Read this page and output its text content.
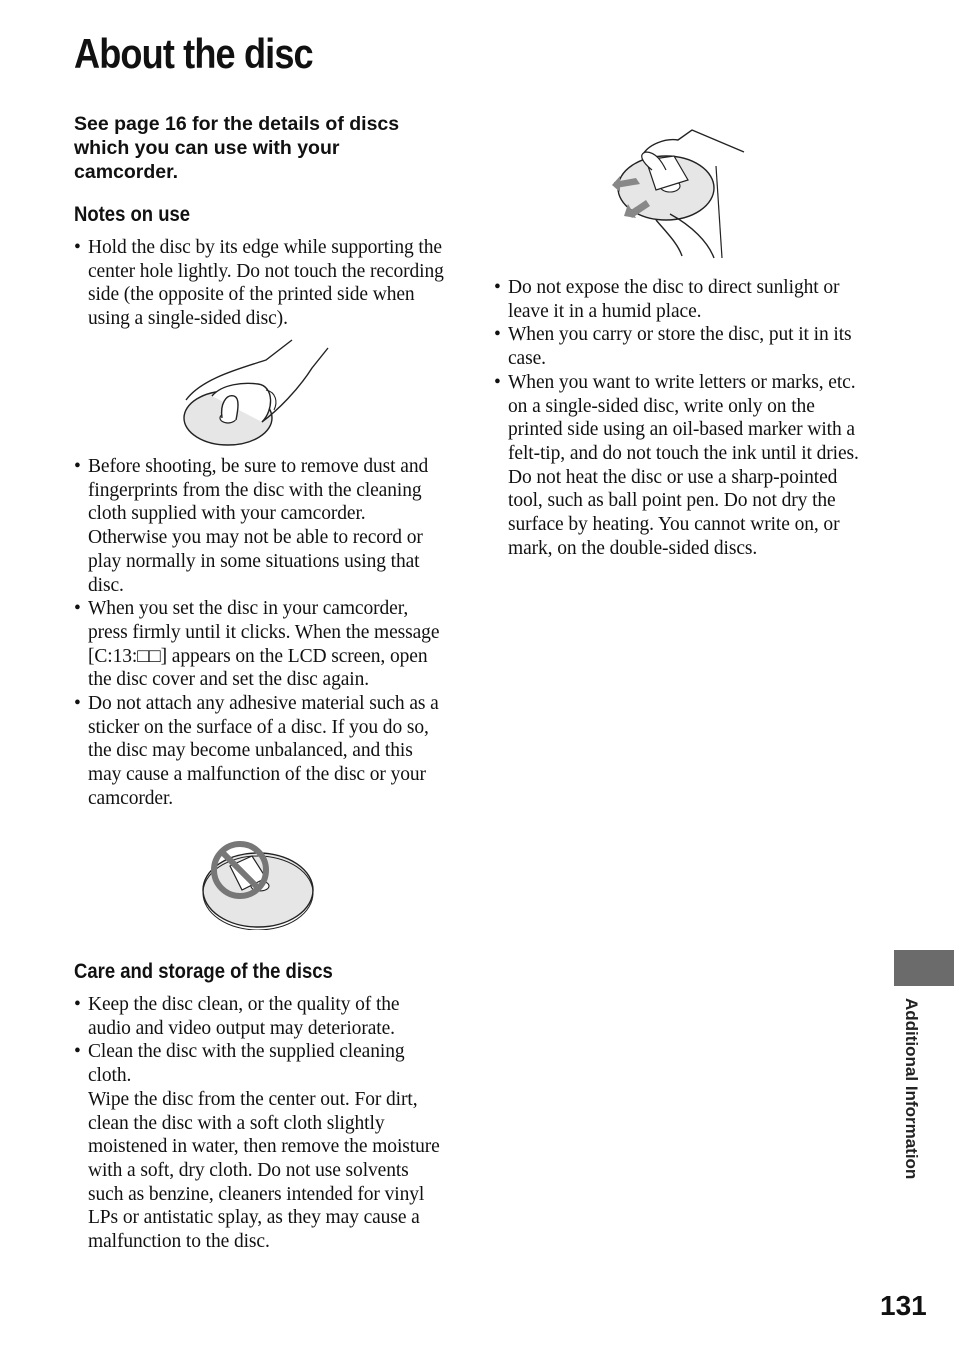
About the disc

See page 16 for the details of discs which you can use with your camcorder.

Notes on use
• Hold the disc by its edge while supporting the center hole lightly. Do not touch the recording side (the opposite of the printed side when using a single-sided disc).
• Before shooting, be sure to remove dust and fingerprints from the disc with the cleaning cloth supplied with your camcorder. Otherwise you may not be able to record or play normally in some situations using that disc.
• When you set the disc in your camcorder, press firmly until it clicks. When the message [C:13:□□] appears on the LCD screen, open the disc cover and set the disc again.
• Do not attach any adhesive material such as a sticker on the surface of a disc. If you do so, the disc may become unbalanced, and this may cause a malfunction of the disc or your camcorder.
Care and storage of the discs
• Keep the disc clean, or the quality of the audio and video output may deteriorate.
• Clean the disc with the supplied cleaning cloth.
Wipe the disc from the center out. For dirt, clean the disc with a soft cloth slightly moistened in water, then remove the moisture with a soft, dry cloth. Do not use solvents such as benzine, cleaners intended for vinyl LPs or antistatic splay, as they may cause a malfunction to the disc.
• Do not expose the disc to direct sunlight or leave it in a humid place.
• When you carry or store the disc, put it in its case.
• When you want to write letters or marks, etc. on a single-sided disc, write only on the printed side using an oil-based marker with a felt-tip, and do not touch the ink until it dries. Do not heat the disc or use a sharp-pointed tool, such as ball point pen. Do not dry the surface by heating. You cannot write on, or mark, on the double-sided discs.
Additional Information
131
